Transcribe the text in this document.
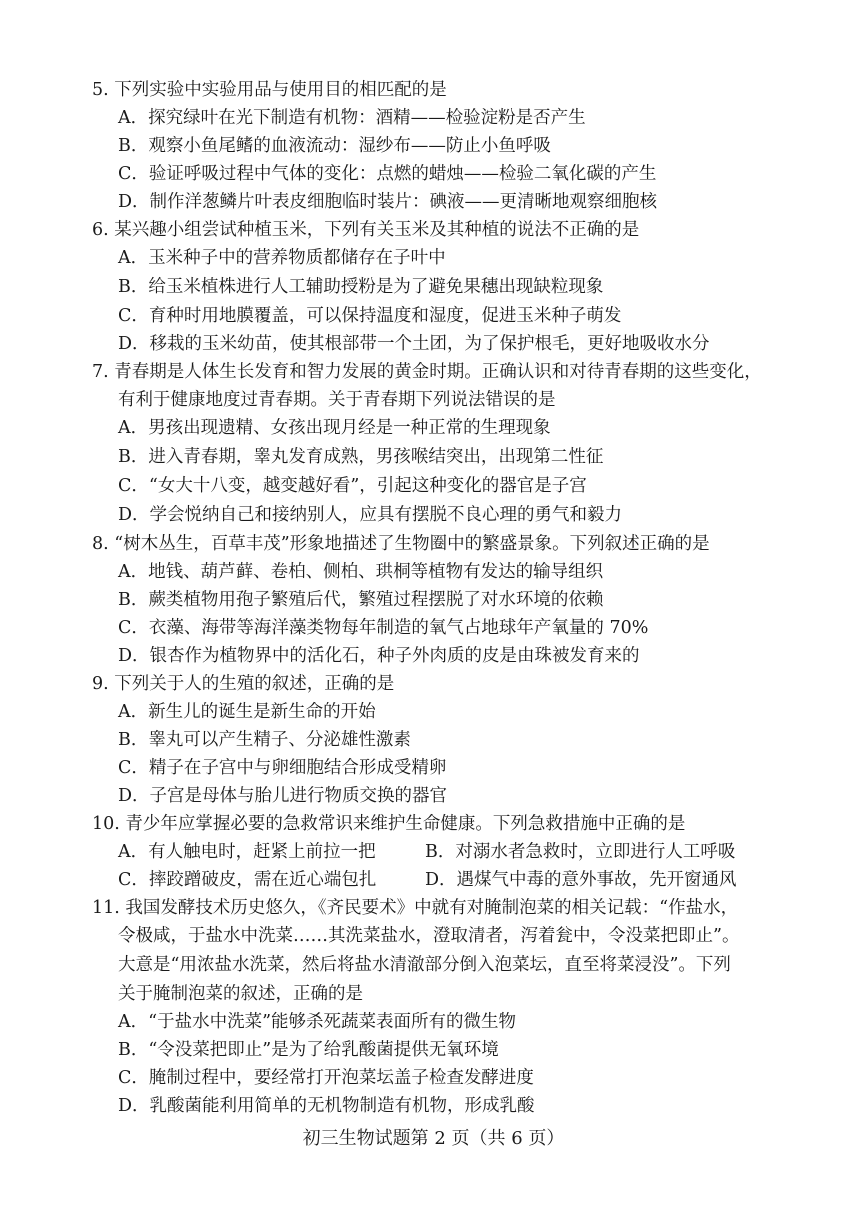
5. 下列实验中实验用品与使用目的相匹配的是
A．探究绿叶在光下制造有机物：酒精——检验淀粉是否产生
B．观察小鱼尾鳍的血液流动：湿纱布——防止小鱼呼吸
C．验证呼吸过程中气体的变化：点燃的蜡烛——检验二氧化碳的产生
D．制作洋葱鳞片叶表皮细胞临时装片：碘液——更清晰地观察细胞核
6. 某兴趣小组尝试种植玉米，下列有关玉米及其种植的说法不正确的是
A．玉米种子中的营养物质都储存在子叶中
B．给玉米植株进行人工辅助授粉是为了避免果穗出现缺粒现象
C．育种时用地膜覆盖，可以保持温度和湿度，促进玉米种子萌发
D．移栽的玉米幼苗，使其根部带一个土团，为了保护根毛，更好地吸收水分
7. 青春期是人体生长发育和智力发展的黄金时期。正确认识和对待青春期的这些变化，
有利于健康地度过青春期。关于青春期下列说法错误的是
A．男孩出现遗精、女孩出现月经是一种正常的生理现象
B．进入青春期，睾丸发育成熟，男孩喉结突出，出现第二性征
C．“女大十八变，越变越好看”，引起这种变化的器官是子宫
D．学会悦纳自己和接纳别人，应具有摆脱不良心理的勇气和毅力
8. “树木丛生，百草丰茂”形象地描述了生物圈中的繁盛景象。下列叙述正确的是
A．地钱、葫芦藓、卷柏、侧柏、珙桐等植物有发达的输导组织
B．蕨类植物用孢子繁殖后代，繁殖过程摆脱了对水环境的依赖
C．衣藻、海带等海洋藻类物每年制造的氧气占地球年产氧量的 70%
D．银杏作为植物界中的活化石，种子外肉质的皮是由珠被发育来的
9. 下列关于人的生殖的叙述，正确的是
A．新生儿的诞生是新生命的开始
B．睾丸可以产生精子、分泌雄性激素
C．精子在子宫中与卵细胞结合形成受精卵
D．子宫是母体与胎儿进行物质交换的器官
10. 青少年应掌握必要的急救常识来维护生命健康。下列急救措施中正确的是
A．有人触电时，赶紧上前拉一把	B．对溺水者急救时，立即进行人工呼吸
C．摔跤蹭破皮，需在近心端包扎	D．遇煤气中毒的意外事故，先开窗通风
11. 我国发酵技术历史悠久，《齐民要术》中就有对腌制泡菜的相关记载：“作盐水，
令极咸，于盐水中洗菜……其洗菜盐水，澄取清者，泻着瓮中，令没菜把即止”。
大意是“用浓盐水洗菜，然后将盐水清澈部分倒入泡菜坛，直至将菜浸没”。下列
关于腌制泡菜的叙述，正确的是
A．“于盐水中洗菜”能够杀死蔬菜表面所有的微生物
B．“令没菜把即止”是为了给乳酸菌提供无氧环境
C．腌制过程中，要经常打开泡菜坛盖子检查发酵进度
D．乳酸菌能利用简单的无机物制造有机物，形成乳酸
初三生物试题第 2 页（共 6 页）
